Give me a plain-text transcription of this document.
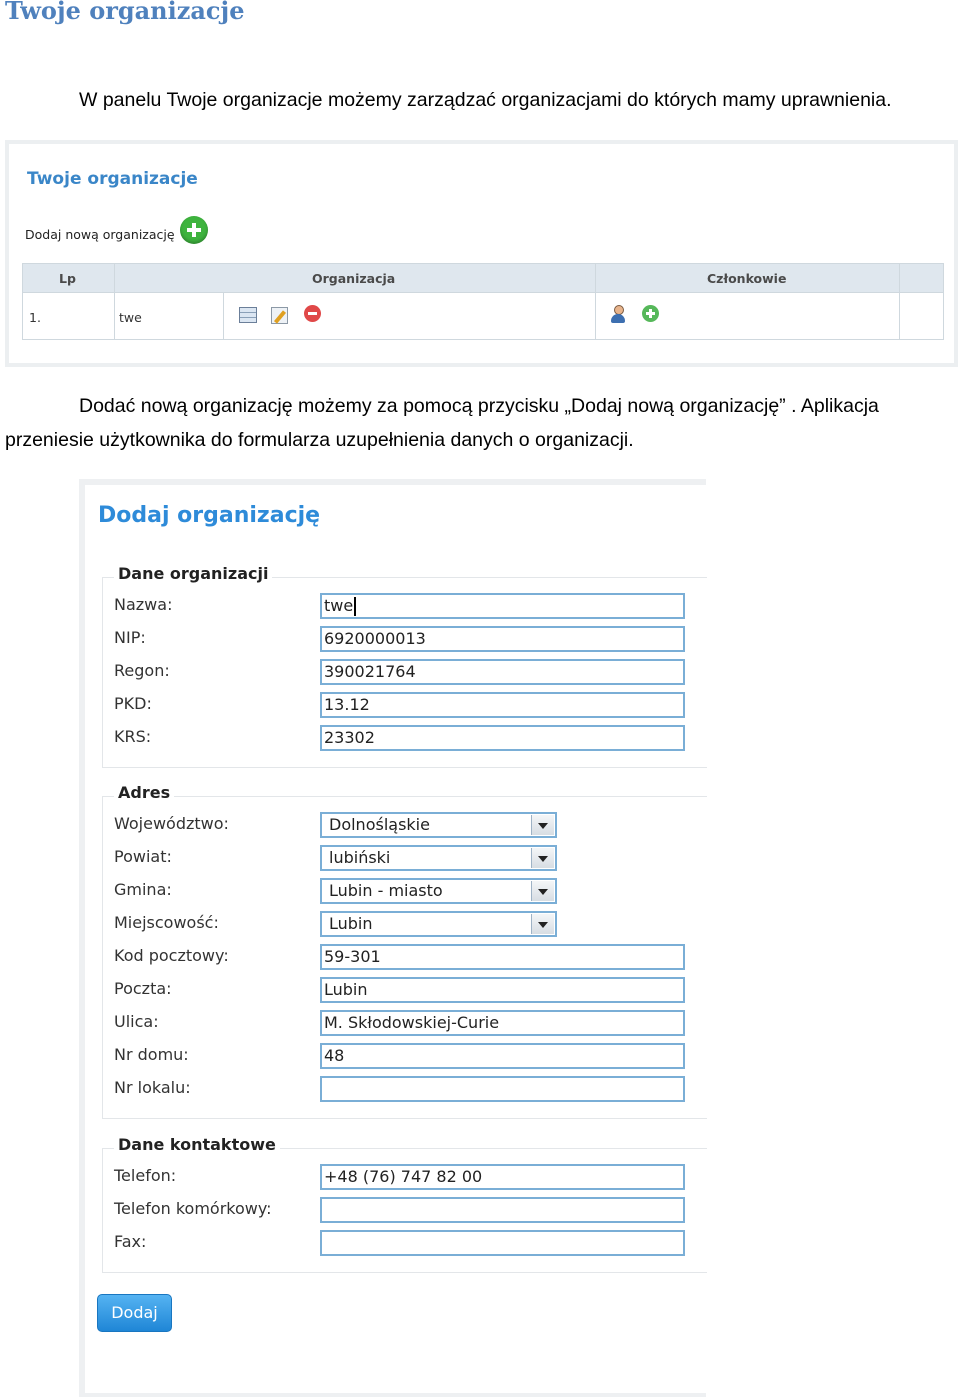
Twoje organizacje
W panelu Twoje organizacje możemy zarządzać organizacjami do których mamy uprawnienia.
Twoje organizacje
Dodaj nową organizację
Lp	Organizacja	Członkowie
1.	twe
Dodać nową organizację możemy za pomocą przycisku „Dodaj nową organizację” . Aplikacja
przeniesie użytkownika do formularza uzupełnienia danych o organizacji.
Dodaj organizację
Dane organizacji
Nazwa:	twe
NIP:	6920000013
Regon:	390021764
PKD:	13.12
KRS:	23302
Adres
Województwo:	Dolnośląskie
Powiat:	lubiński
Gmina:	Lubin - miasto
Miejscowość:	Lubin
Kod pocztowy:	59-301
Poczta:	Lubin
Ulica:	M. Skłodowskiej-Curie
Nr domu:	48
Nr lokalu:
Dane kontaktowe
Telefon:	+48 (76) 747 82 00
Telefon komórkowy:
Fax:
Dodaj
